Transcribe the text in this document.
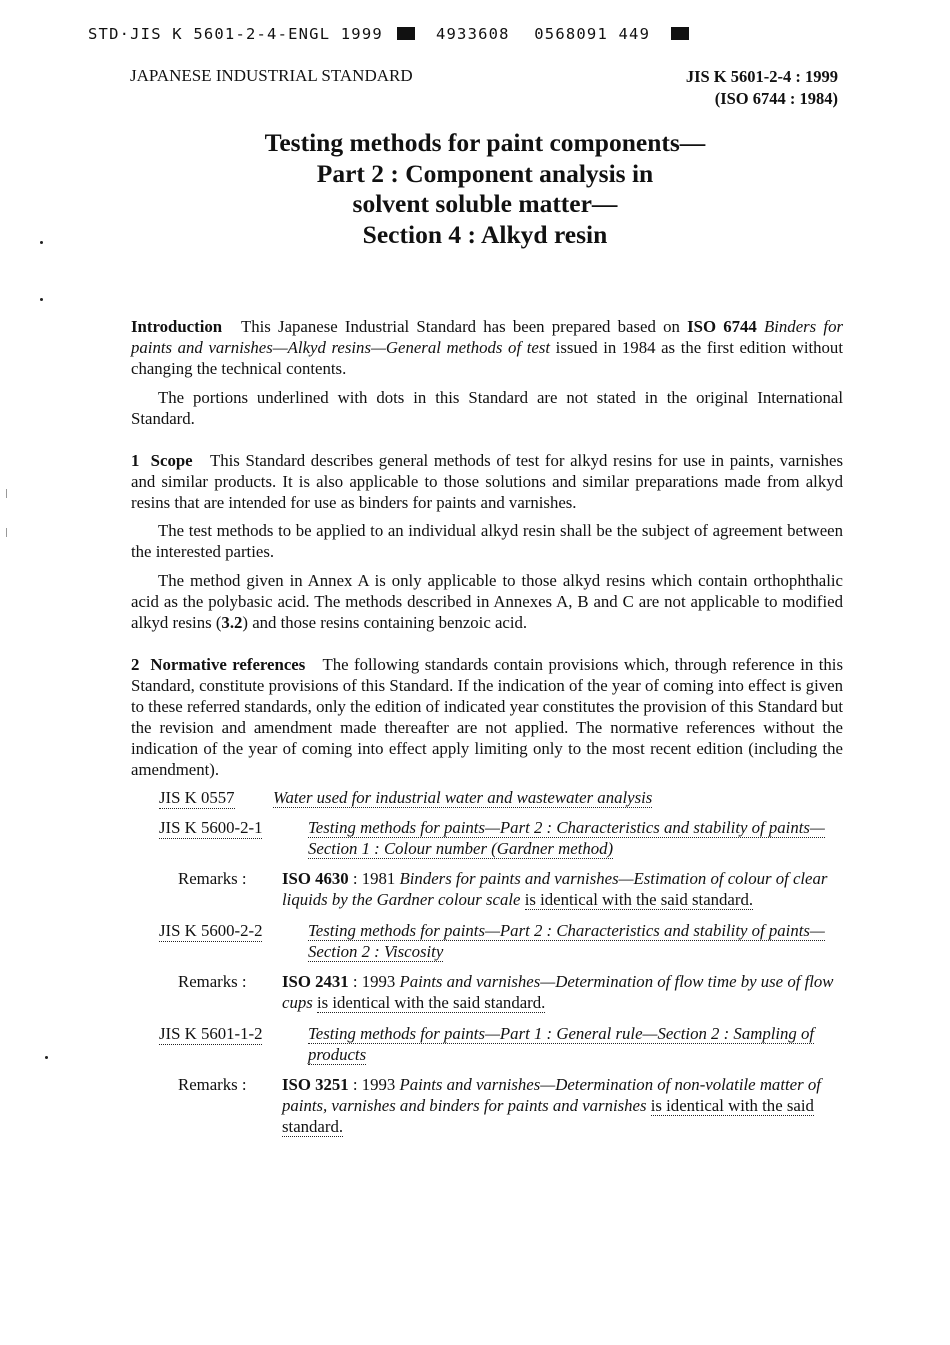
STD·JIS K 5601-2-4-ENGL 1999	4933608 0568091 449
JAPANESE INDUSTRIAL STANDARD	JIS K 5601-2-4 : 1999
(ISO 6744 : 1984)
Testing methods for paint components—
Part 2 : Component analysis in
solvent soluble matter—
Section 4 : Alkyd resin

Introduction This Japanese Industrial Standard has been prepared based on ISO 6744 Binders for paints and varnishes—Alkyd resins—General methods of test issued in 1984 as the first edition without changing the technical contents.

The portions underlined with dots in this Standard are not stated in the original International Standard.

1 Scope This Standard describes general methods of test for alkyd resins for use in paints, varnishes and similar products. It is also applicable to those solutions and similar preparations made from alkyd resins that are intended for use as binders for paints and varnishes.

The test methods to be applied to an individual alkyd resin shall be the subject of agreement between the interested parties.

The method given in Annex A is only applicable to those alkyd resins which contain orthophthalic acid as the polybasic acid. The methods described in Annexes A, B and C are not applicable to modified alkyd resins (3.2) and those resins containing benzoic acid.

2 Normative references The following standards contain provisions which, through reference in this Standard, constitute provisions of this Standard. If the indication of the year of coming into effect is given to these referred standards, only the edition of indicated year constitutes the provision of this Standard but the revision and amendment made thereafter are not applied. The normative references without the indication of the year of coming into effect apply limiting only to the most recent edition (including the amendment).

JIS K 0557 Water used for industrial water and wastewater analysis
JIS K 5600-2-1	Testing methods for paints—Part 2 : Characteristics and stability of paints—Section 1 : Colour number (Gardner method)
Remarks : ISO 4630 : 1981 Binders for paints and varnishes—Estimation of colour of clear liquids by the Gardner colour scale is identical with the said standard.
JIS K 5600-2-2	Testing methods for paints—Part 2 : Characteristics and stability of paints—Section 2 : Viscosity
Remarks : ISO 2431 : 1993 Paints and varnishes—Determination of flow time by use of flow cups is identical with the said standard.
JIS K 5601-1-2	Testing methods for paints—Part 1 : General rule—Section 2 : Sampling of products
Remarks : ISO 3251 : 1993 Paints and varnishes—Determination of non-volatile matter of paints, varnishes and binders for paints and varnishes is identical with the said standard.
